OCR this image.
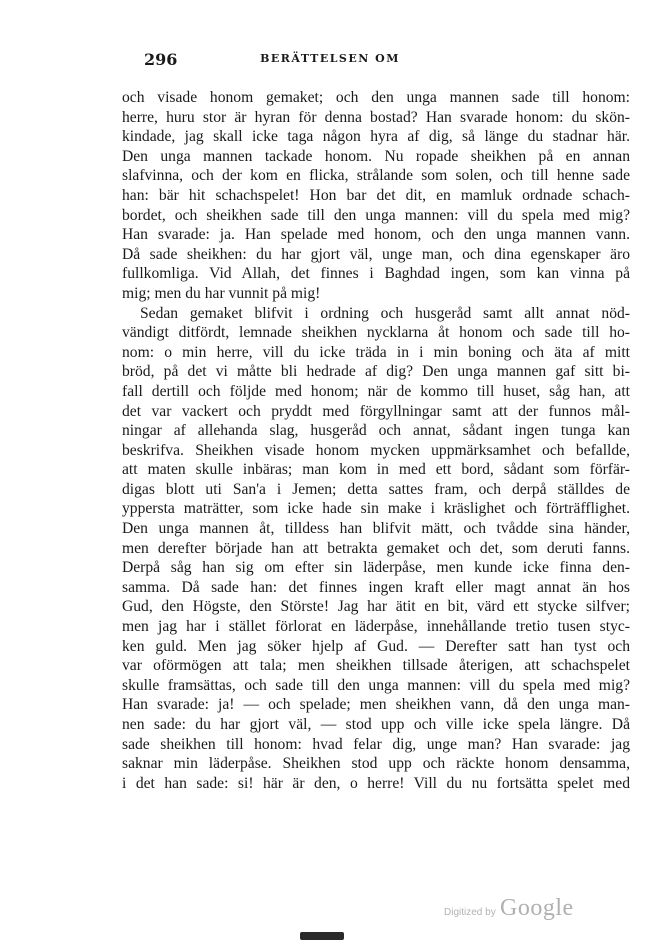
296	BERÄTTELSEN OM
och visade honom gemaket; och den unga mannen sade till honom:
herre, huru stor är hyran för denna bostad? Han svarade honom: du skön-
kindade, jag skall icke taga någon hyra af dig, så länge du stadnar här.
Den unga mannen tackade honom. Nu ropade sheikhen på en annan
slafvinna, och der kom en flicka, strålande som solen, och till henne sade
han: bär hit schachspelet! Hon bar det dit, en mamluk ordnade schach-
bordet, och sheikhen sade till den unga mannen: vill du spela med mig?
Han svarade: ja. Han spelade med honom, och den unga mannen vann.
Då sade sheikhen: du har gjort väl, unge man, och dina egenskaper äro
fullkomliga. Vid Allah, det finnes i Baghdad ingen, som kan vinna på
mig; men du har vunnit på mig!
Sedan gemaket blifvit i ordning och husgeråd samt allt annat nöd-
vändigt ditfördt, lemnade sheikhen nycklarna åt honom och sade till ho-
nom: o min herre, vill du icke träda in i min boning och äta af mitt
bröd, på det vi måtte bli hedrade af dig? Den unga mannen gaf sitt bi-
fall dertill och följde med honom; när de kommo till huset, såg han, att
det var vackert och pryddt med förgyllningar samt att der funnos mål-
ningar af allehanda slag, husgeråd och annat, sådant ingen tunga kan
beskrifva. Sheikhen visade honom mycken uppmärksamhet och befallde,
att maten skulle inbäras; man kom in med ett bord, sådant som förfär-
digas blott uti San'a i Jemen; detta sattes fram, och derpå ställdes de
yppersta maträtter, som icke hade sin make i kräslighet och förträfflighet.
Den unga mannen åt, tilldess han blifvit mätt, och tvådde sina händer,
men derefter började han att betrakta gemaket och det, som deruti fanns.
Derpå såg han sig om efter sin läderpåse, men kunde icke finna den-
samma. Då sade han: det finnes ingen kraft eller magt annat än hos
Gud, den Högste, den Störste! Jag har ätit en bit, värd ett stycke silfver;
men jag har i stället förlorat en läderpåse, innehållande tretio tusen styc-
ken guld. Men jag söker hjelp af Gud. — Derefter satt han tyst och
var oförmögen att tala; men sheikhen tillsade återigen, att schachspelet
skulle framsättas, och sade till den unga mannen: vill du spela med mig?
Han svarade: ja! — och spelade; men sheikhen vann, då den unga man-
nen sade: du har gjort väl, — stod upp och ville icke spela längre. Då
sade sheikhen till honom: hvad felar dig, unge man? Han svarade: jag
saknar min läderpåse. Sheikhen stod upp och räckte honom densamma,
i det han sade: si! här är den, o herre! Vill du nu fortsätta spelet med
Digitized by Google
